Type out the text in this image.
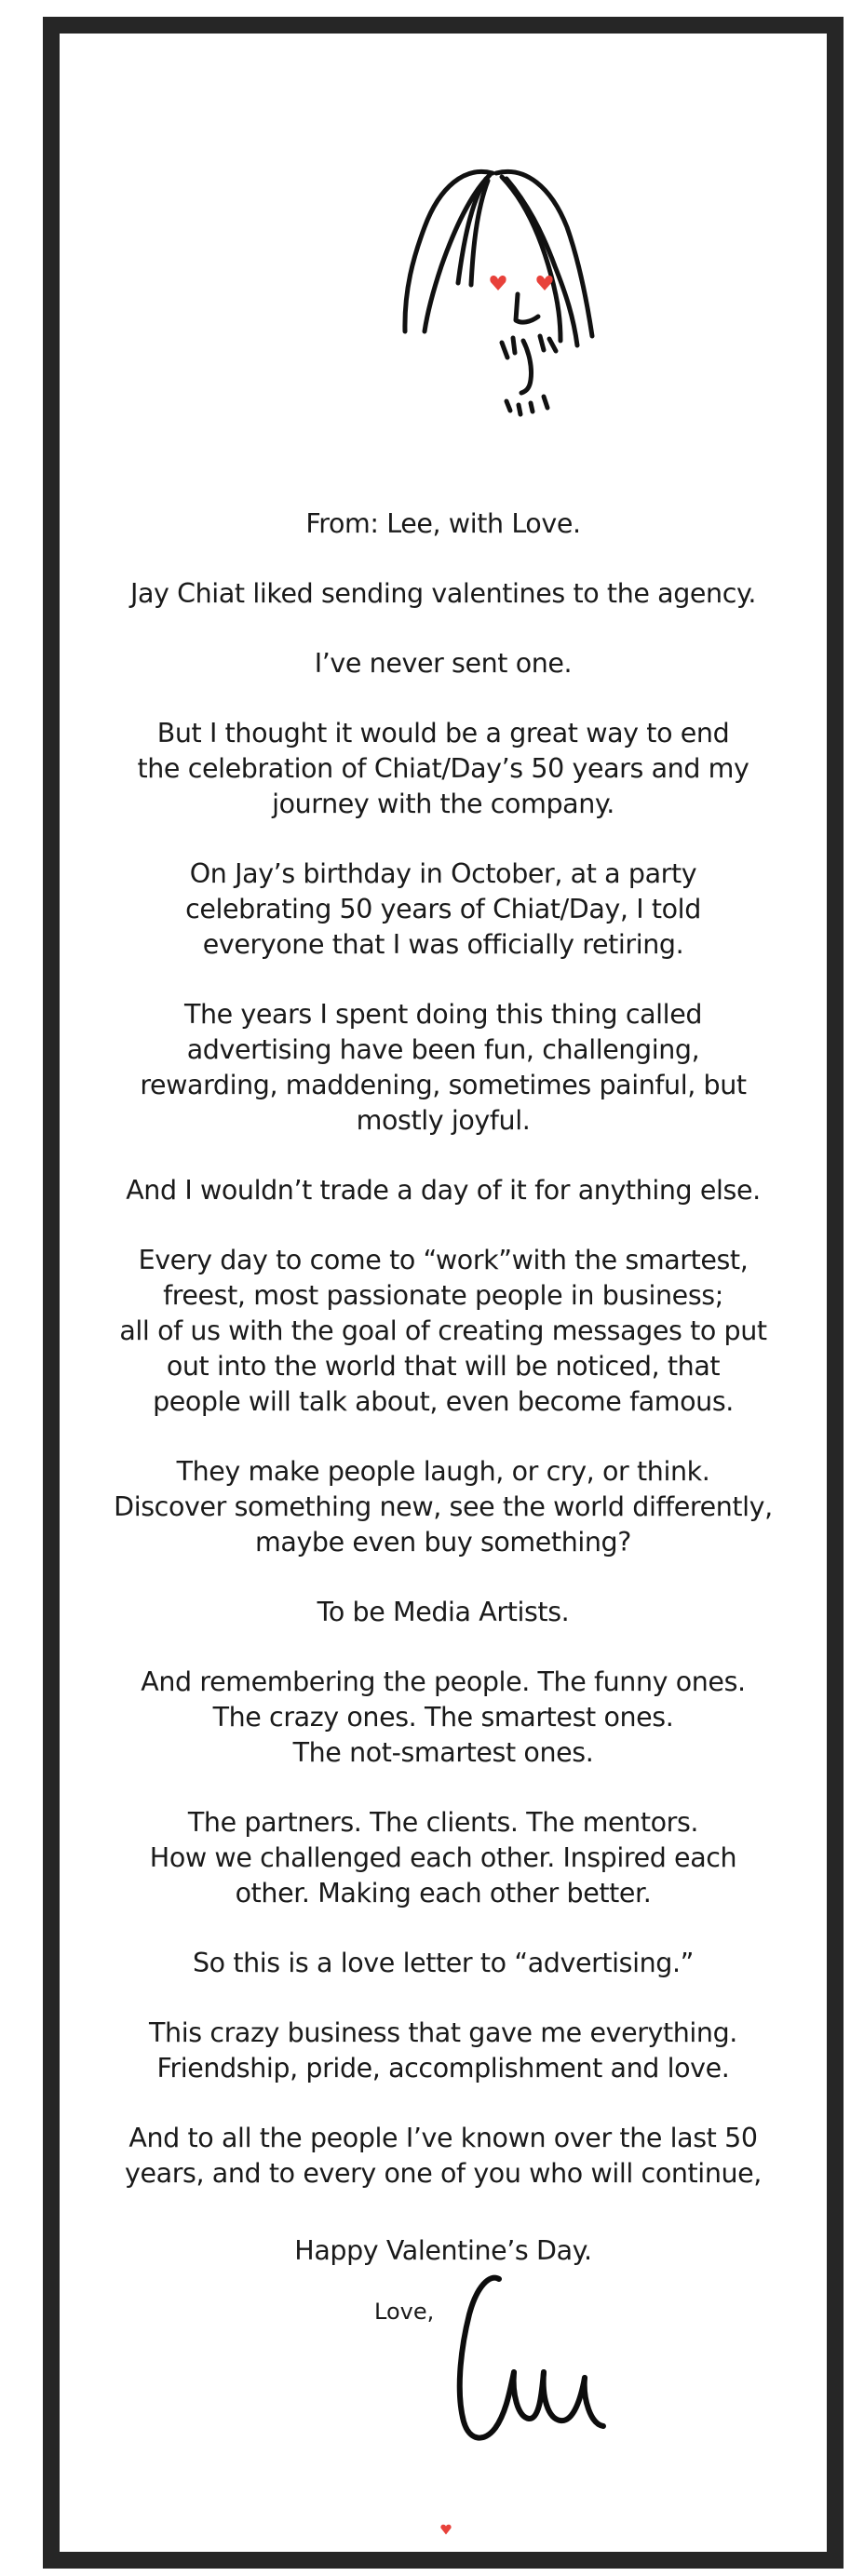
From: Lee, with Love.

Jay Chiat liked sending valentines to the agency.

I’ve never sent one.

But I thought it would be a great way to end
the celebration of Chiat/Day’s 50 years and my
journey with the company.

On Jay’s birthday in October, at a party
celebrating 50 years of Chiat/Day, I told
everyone that I was officially retiring.

The years I spent doing this thing called
advertising have been fun, challenging,
rewarding, maddening, sometimes painful, but
mostly joyful.

And I wouldn’t trade a day of it for anything else.

Every day to come to “work”with the smartest,
freest, most passionate people in business;
all of us with the goal of creating messages to put
out into the world that will be noticed, that
people will talk about, even become famous.

They make people laugh, or cry, or think.
Discover something new, see the world differently,
maybe even buy something?

To be Media Artists.

And remembering the people. The funny ones.
The crazy ones. The smartest ones.
The not-smartest ones.

The partners. The clients. The mentors.
How we challenged each other. Inspired each
other. Making each other better.

So this is a love letter to “advertising.”

This crazy business that gave me everything.
Friendship, pride, accomplishment and love.

And to all the people I’ve known over the last 50
years, and to every one of you who will continue,

Happy Valentine’s Day.
Love,
